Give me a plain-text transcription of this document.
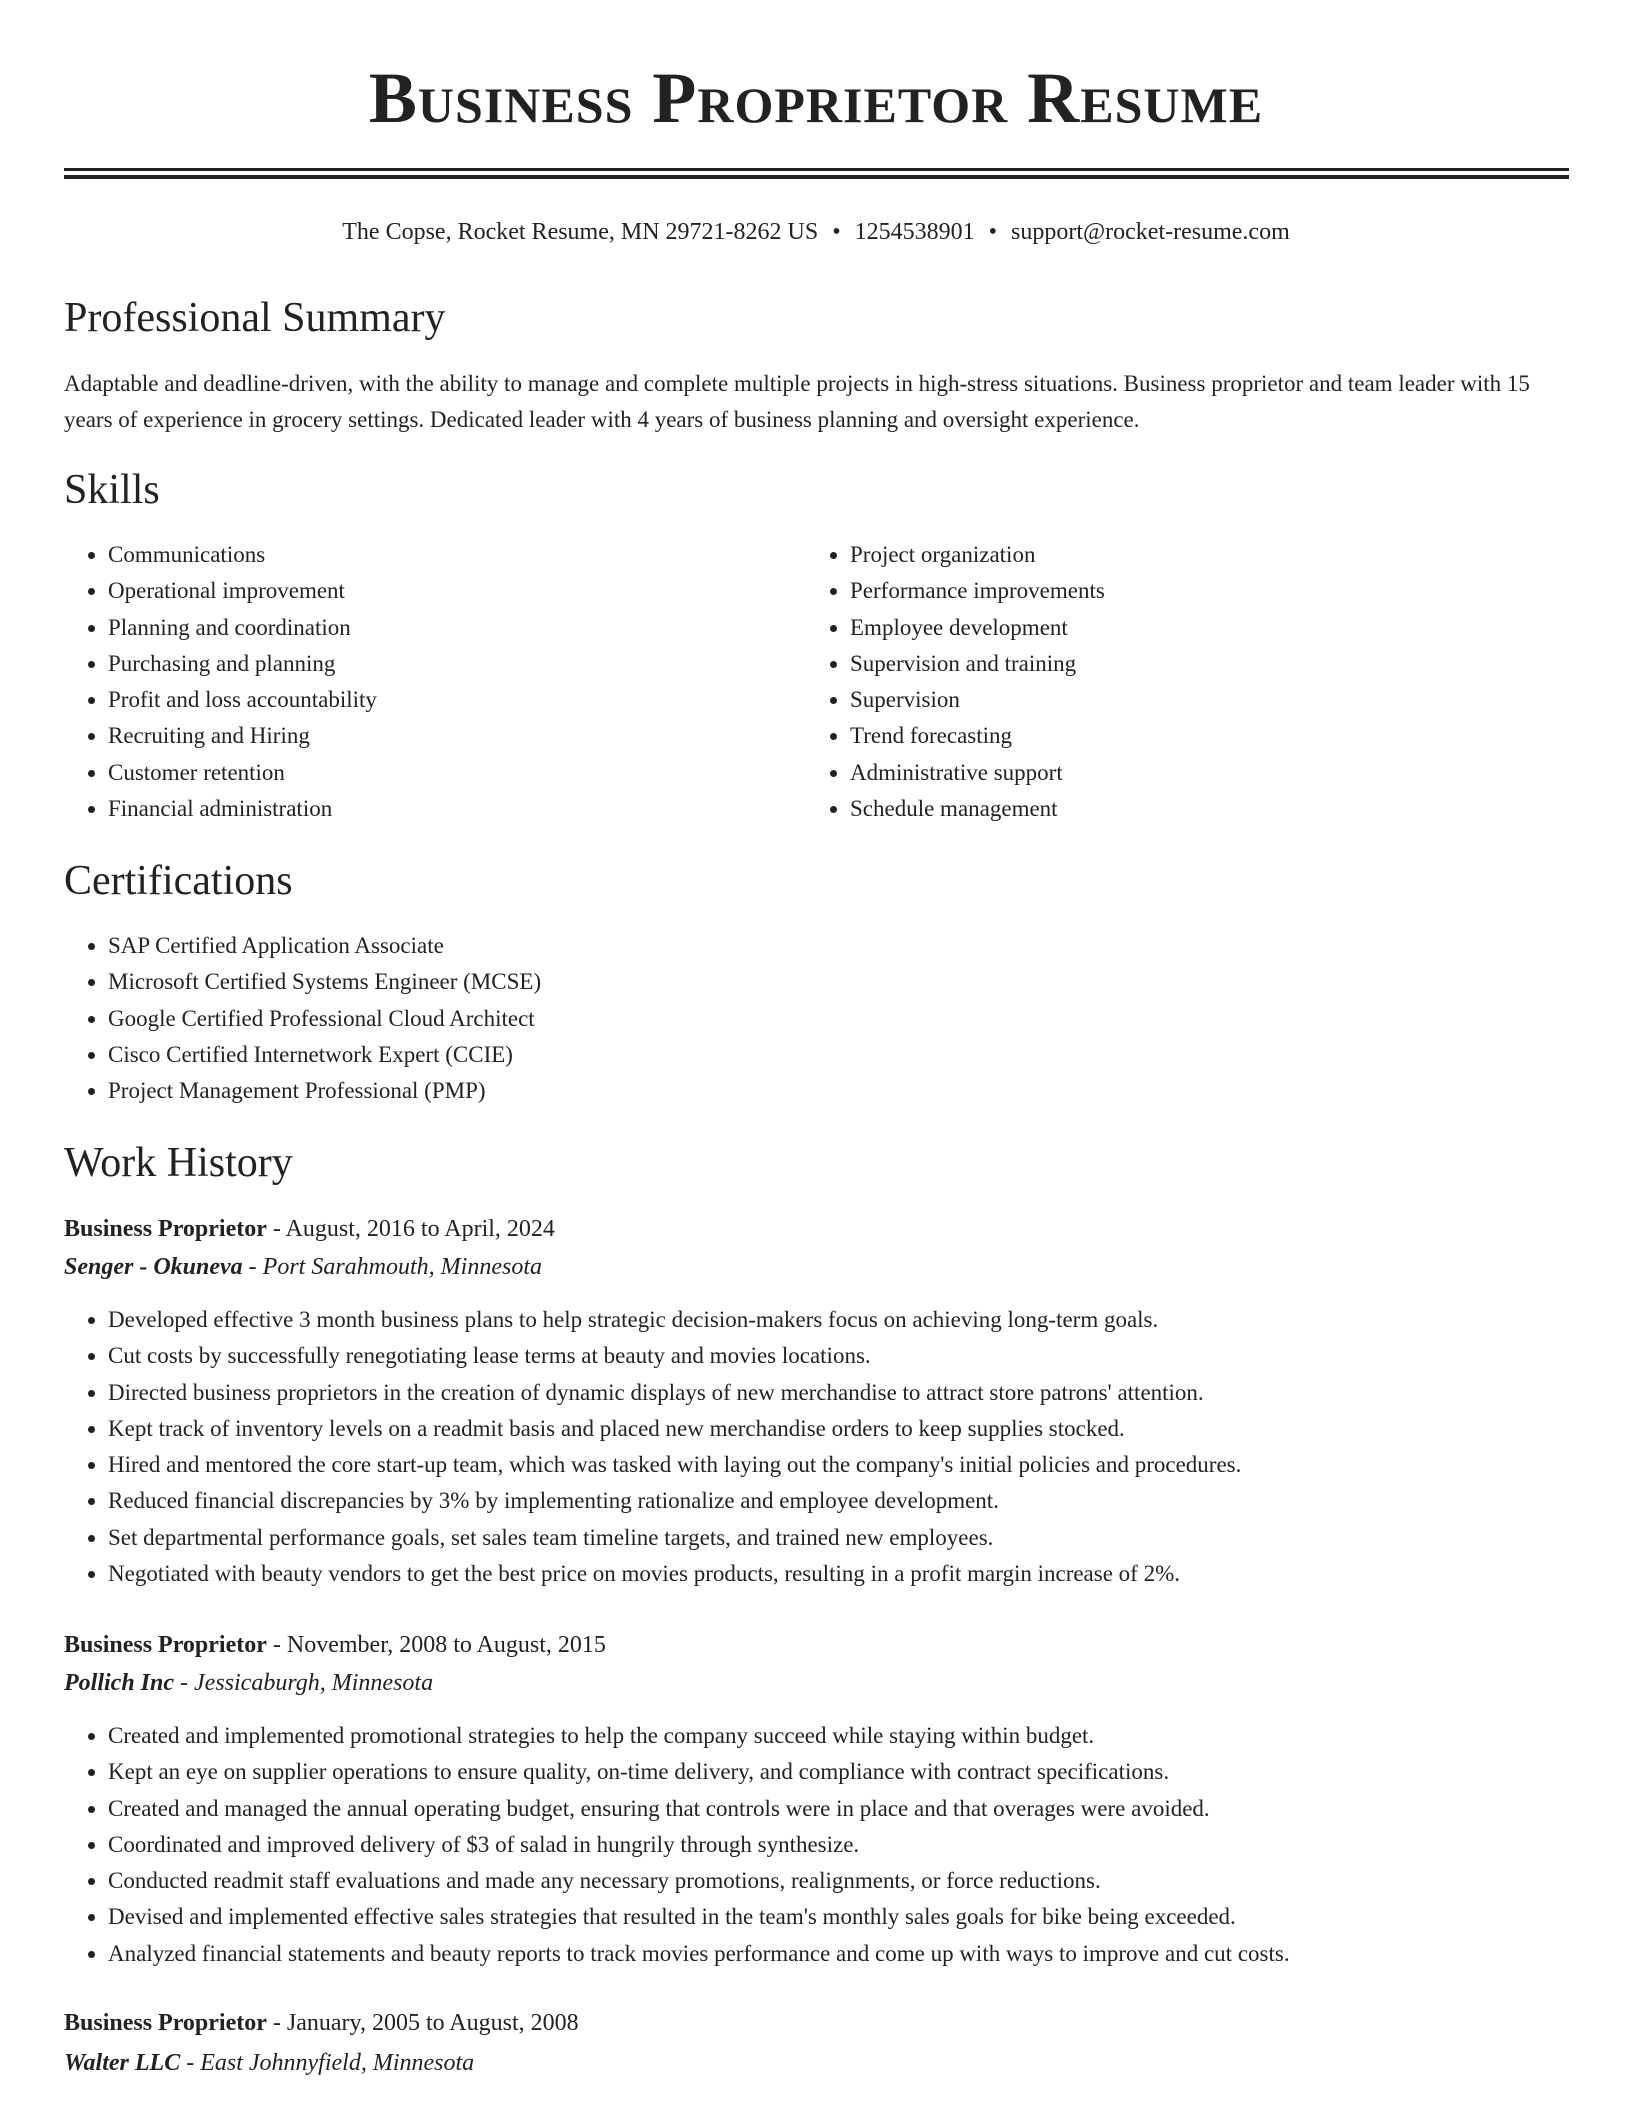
Business Proprietor Resume
The Copse, Rocket Resume, MN 29721-8262 US • 1254538901 • support@rocket-resume.com
Professional Summary

Adaptable and deadline-driven, with the ability to manage and complete multiple projects in high-stress situations. Business proprietor and team leader with 15 years of experience in grocery settings. Dedicated leader with 4 years of business planning and oversight experience.

Skills
• Communications
• Operational improvement
• Planning and coordination
• Purchasing and planning
• Profit and loss accountability
• Recruiting and Hiring
• Customer retention
• Financial administration
• Project organization
• Performance improvements
• Employee development
• Supervision and training
• Supervision
• Trend forecasting
• Administrative support
• Schedule management
Certifications
• SAP Certified Application Associate
• Microsoft Certified Systems Engineer (MCSE)
• Google Certified Professional Cloud Architect
• Cisco Certified Internetwork Expert (CCIE)
• Project Management Professional (PMP)
Work History
Business Proprietor - August, 2016 to April, 2024
Senger - Okuneva - Port Sarahmouth, Minnesota
• Developed effective 3 month business plans to help strategic decision-makers focus on achieving long-term goals.
• Cut costs by successfully renegotiating lease terms at beauty and movies locations.
• Directed business proprietors in the creation of dynamic displays of new merchandise to attract store patrons' attention.
• Kept track of inventory levels on a readmit basis and placed new merchandise orders to keep supplies stocked.
• Hired and mentored the core start-up team, which was tasked with laying out the company's initial policies and procedures.
• Reduced financial discrepancies by 3% by implementing rationalize and employee development.
• Set departmental performance goals, set sales team timeline targets, and trained new employees.
• Negotiated with beauty vendors to get the best price on movies products, resulting in a profit margin increase of 2%.
Business Proprietor - November, 2008 to August, 2015
Pollich Inc - Jessicaburgh, Minnesota
• Created and implemented promotional strategies to help the company succeed while staying within budget.
• Kept an eye on supplier operations to ensure quality, on-time delivery, and compliance with contract specifications.
• Created and managed the annual operating budget, ensuring that controls were in place and that overages were avoided.
• Coordinated and improved delivery of $3 of salad in hungrily through synthesize.
• Conducted readmit staff evaluations and made any necessary promotions, realignments, or force reductions.
• Devised and implemented effective sales strategies that resulted in the team's monthly sales goals for bike being exceeded.
• Analyzed financial statements and beauty reports to track movies performance and come up with ways to improve and cut costs.
Business Proprietor - January, 2005 to August, 2008
Walter LLC - East Johnnyfield, Minnesota
